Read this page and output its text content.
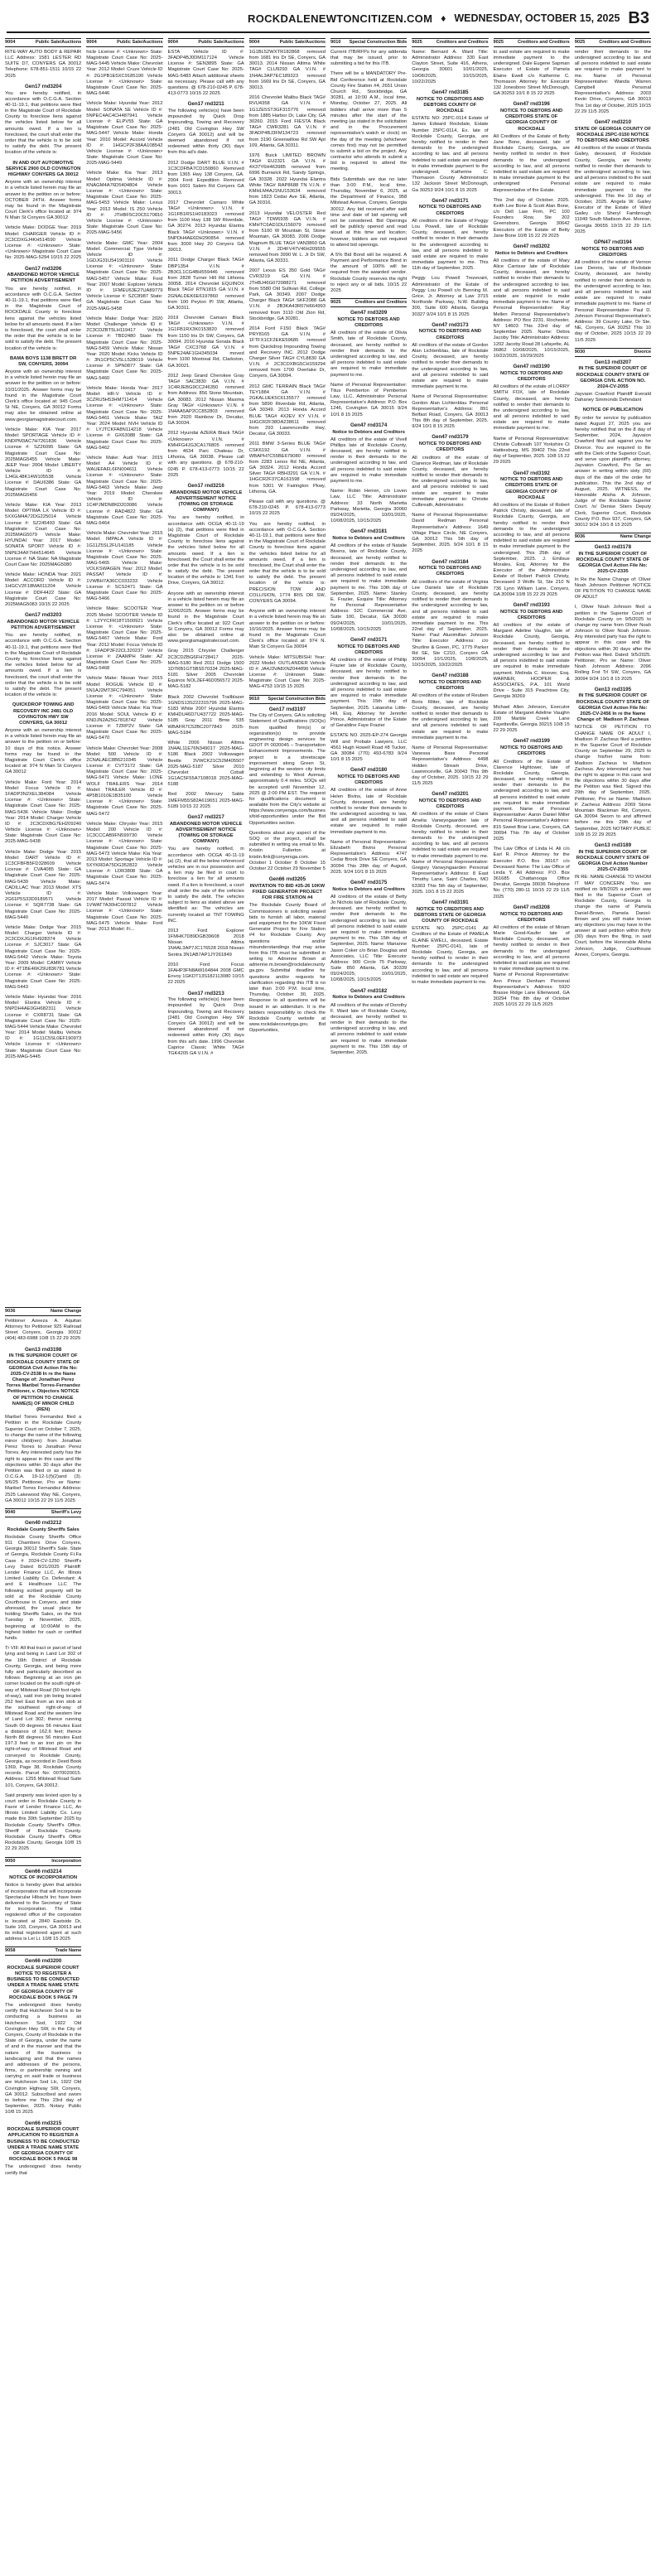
ROCKDALENEWTONCITIZEN.COM ♦ WEDNESDAY, OCTOBER 15, 2025 B3
9004	Public Sale/Auctions

RITE-WAY AUTO BODY & REPAIR LLC Address: 1581 LESTER RD SUITE D7, CONYERS GA 30012 Telephone: 678-851-1511 10/15 22 2025

Gen17 rnd3204

You are hereby notified, in accordance with O.C.G.A. Section 40-11-19.1, that petitions were filed in the Magistrate Court of Rockdale County to foreclose liens against the vehicles listed below for all amounts owed. If a lien is foreclosed, the court shall enter the order that the vehicle is to be sold to satisfy the debt. The present location of the vehicle is:

IN AND OUT AUTOMOTIVE SERVICE 2900 OLD COVINGTON HIGHWAY CONYERS GA 30012

Anyone with an ownership interest in a vehicle listed herein may file an answer to the petition on or before: OCTOBER 24TH. Answer forms may be found in the Magistrate Court Clerk's office located at: 974 N Main St Conyers GA 30012

Vehicle Make: DODGE Year: 2019 Model: CHARGER Vehicle ID #: 2C3CDXGJ4KH514590 Vehicle License #: <Unknown> State: <Unknown> Magistrate Court Case No: 2025-MAG-5294 10/15 22 2025

Gen17 rnd3206
ABANDONED MOTOR VEHICLE PETITION ADVERTISEMENT

You are hereby notified, in accordance with O.C.G.A. Section 40-11-19.1, that petitions were filed in the Magistrate Court of ROCKDALE County to foreclose liens against the vehicles listed below for all amounts owed. If a lien is foreclosed, the court shall enter the order that the vehicle is to be sold to satisfy the debt. The present location of the vehicle is:

BAMA BOYS 1138 BRETT DR SW, CONYERS, 30094

Anyone with an ownership interest in a vehicle listed herein may file an answer to the petition on or before: 10/31/2025. Answer forms may be found in the Magistrate Court Clerk's office located at: 945 Court St NE, Conyers, GA 30012 Forms may also be obtained online at www.georgiamagistratecourt.com.

Vehicle Make: KIA Year: 2017 Model: SPORTAGE Vehicle ID #: KNDPM3AC7H7261836 Vehicle License #: SZ26095 State: GA Magistrate Court Case No: 2025MAG5455 Vehicle Make: JEEP Year: 2004 Model: LIBERTY Vehicle ID #: 1J4GL48K14W105538 Vehicle License #: DAU6386 State: GA Magistrate Court Case No: 2025MAG5456

Vehicle Make: KIA Year: 2013 Model: OPTIMA LX Vehicle ID #: 5XXGM4A72DG225014 Vehicle License #: SZ245493 State: GA Magistrate Court Case No: 2025MAG5079 Vehicle Make: HYUNDAI Year: 2017 Model: SONATA SPORT Vehicle ID #: 5NPE34AF7HH514645 Vehicle License #: NA State: NA Magistrate Court Case No: 2025MAG5080

Vehicle Make: HONDA Year: 2021 Model: ACCORD Vehicle ID #: 1HGCV2F18MA011204 Vehicle License #: DDF4422 State: GA Magistrate Court Case No: 2025MAG5083 10/15 22 2025

Gen17 rnd3203
ABANDONED MOTOR VEHICLE PETITION ADVERTISEMENT

You are hereby notified, in accordance with O.C.G.A. Section 40-11-19.1, that petitions were filed in the Magistrate Court of Rockdale County to foreclose liens against the vehicles listed below for all amounts owed. If a lien is foreclosed, the court shall enter the order that the vehicle is to be sold to satisfy the debt. The present location of the vehicle is:

QUICKDROP TOWING AND RECOVERY INC 2481 OLD COVINGTON HWY SW CONYERS, GA 30012

Anyone with an ownership interest in a vehicle listed herein may file an answer to the petition on or before: 10 days of this notice. Answer forms may be found in the Magistrate Court Clerk's office located at: 974 N Main St Conyers GA 30012

Vehicle Make: Ford Year: 2014 Model: Focus Vehicle ID #: 1FADP3N2XEL384084 Vehicle License #: <Unknown> State: Magistrate Court Case No: 2025-MAG-5436 Vehicle Make: Dodge Year: 2014 Model: Charger Vehicle ID #: 2C3CDXBG7EH209240 Vehicle License #: <Unknown> State: Magistrate Court Case No: 2025-MAG-5438

Vehicle Make: Dodge Year: 2015 Model: DART Vehicle ID #: 1C3CFBFB5FD328609 Vehicle License #: CVA4085 State: GA Magistrate Court Case No: 2025-MAG-5439 Vehicle Make: CADILLAC Year: 2013 Model: XTS Vehicle ID #: 2G61P5S33D9189571 Vehicle License #: SQR7738 State: GA Magistrate Court Case No: 2025-MAG-5440

Vehicle Make: Dodge Year: 2015 Model: Charger Vehicle ID #: 2C3CDXJG1FH928374 Vehicle License #: SJC3017 State: GA Magistrate Court Case No: 2025-MAG-5442 Vehicle Make: Toyota Year: 2009 Model: CAMRY Vehicle ID #: 4T1BE46K29U836781 Vehicle License #: <Unknown> State: Magistrate Court Case No: 2025-MAG-5443

Vehicle Make: Hyundai Year: 2016 Model: Elantra Vehicle ID #: 5NPDH4AE0GH682311 Vehicle License #: CXR8731 State: GA Magistrate Court Case No: 2025-MAG-5444 Vehicle Make: Chevrolet Year: 2014 Model: Malibu Vehicle ID #: 1G11C5SL0EF190973 Vehicle License #: <Unknown> State: Magistrate Court Case No: 2025-MAG-5445

9004	Public Sale/Auctions

hicle License #: <Unknown> State: Magistrate Court Case No: 2025-MAG-5445 Vehicle Make: Chevrolet Year: 2012 Model: Cruze Vehicle ID #: 2G1PB1E5XC9185190 Vehicle License #: <Unknown> State: Magistrate Court Case No: 2025-MAG-5446

Vehicle Make: Hyundai Year: 2012 Model: SONATA SE Vehicle ID #: 5NPEC4AC4CH487941 Vehicle License #: ELPV55 State: GA Magistrate Court Case No: 2025-MAG-5447 Vehicle Make: Honda Year: 2010 Model: Accord Vehicle ID #: 1HGCP2F38AA108542 Vehicle License #: <Unknown> State: Magistrate Court Case No: 2025-MAG-5449

Vehicle Make: Kia Year: 2013 Model: Optima Vehicle ID #: KNAGM4A76D5404804 Vehicle License #: <Unknown> State: Magistrate Court Case No: 2025-MAG-5453 Vehicle Make: Lexus Year: 2012 Model: IS 250 Vehicle ID #: JTHBF5C20C5170810 Vehicle License #: <Unknown> State: Magistrate Court Case No: 2025-MAG-5456

Vehicle Make: GMC Year: 2004 Model: Commercial Type Vehicle Vehicle ID #: 1GDJG31U541901110 Vehicle License #: <Unknown> State: Magistrate Court Case No: 2025-MAG-5457 Vehicle Make: Ford Year: 2007 Model: Explorer Vehicle ID #: 1FMEU63E27UA89779 Vehicle License #: SZC8987 State: GA Magistrate Court Case No: 2025-MAG-5458

Vehicle Make: Dodge Year: 2020 Model: Challenger Vehicle ID #: 2C3CDZBT5LH119417 Vehicle License #: TBD2480 State: TN Magistrate Court Case No: 2025-MAG-5459 Vehicle Make: Nissan Year: 2020 Model: Kicks Vehicle ID #: 3N1CP5CV5LL528019 Vehicle License #: SPN0877 State: GA Magistrate Court Case No: 2025-MAG-5460

Vehicle Make: Honda Year: 2017 Model: HR-V Vehicle ID #: 3CZRU5H53HM711414 Vehicle License #: <Unknown> State: Magistrate Court Case No: 2025-MAG-5461 Vehicle Make: TAIZ Year: 2024 Model: NVH Vehicle ID #: LYJTCKFA8N114218 Vehicle License #: GX63088 State: GA Magistrate Court Case No: 2025-MAG-5462

Vehicle Make: Audi Year: 2015 Model: A4 Vehicle ID #: WAUEFAFL6FN004611 Vehicle License #: <Unknown> State: Magistrate Court Case No: 2025-MAG-5463 Vehicle Make: Jeep Year: 2019 Model: Cherokee Vehicle ID #: 1C4PJMDN8KD203086 Vehicle License #: RAD4822 State: GA Magistrate Court Case No: 2025-MAG-5464

Vehicle Make: Chevrolet Year: 2015 Model: IMPALA Vehicle ID #: 1G11Z5SL2FU141185 Vehicle License #: <Unknown> State: Magistrate Court Case No: 2025-MAG-5465 Vehicle Make: VOLKSWAGEN Year: 2012 Model: PASSAT Vehicle ID #: 1VWBH7A36CC033233 Vehicle License #: SCS2471 State: GA Magistrate Court Case No: 2025-MAG-5466

Vehicle Make: SCOOTER Year: 2025 Model: SCOOTER Vehicle ID #: L2YYCFR18T1500921 Vehicle License #: <Unknown> State: Magistrate Court Case No: 2025-MAG-5467 Vehicle Make: Ford Year: 2012 Model: Focus Vehicle ID #: 1FADP3F22CL320237 Vehicle License #: ZAAMPH State: AZ Magistrate Court Case No: 2025-MAG-5468

Vehicle Make: Nissan Year: 2015 Model: ROGUE Vehicle ID #: 5N1AJ2MT3FC794051 Vehicle License #: <Unknown> State: Magistrate Court Case No: 2025-MAG-5469 Vehicle Make: Kia Year: 2016 Model: SOUL Vehicle ID #: KNDJN2A25G7818742 Vehicle License #: TZRP2V State: GA Magistrate Court Case No: 2025-MAG-5470

Vehicle Make: Chevrolet Year: 2008 Model: 500 Vehicle ID #: 2CNALAEC8B6210345 Vehicle License #: CVT3172 State: GA Magistrate Court Case No: 2025-MAG-5471 Vehicle Make: LONE WOLF TRAILERS Year: 2014 Model: TRAILER Vehicle ID #: 4P5B1010E1B35100 Vehicle License #: <Unknown> State: Magistrate Court Case No: 2025-MAG-5472

Vehicle Make: Chrysler Year: 2015 Model: 200 Vehicle ID #: 1C3CCCAB9FN599730 Vehicle License #: <Unknown> State: Magistrate Court Case No: 2025-MAG-5473 Vehicle Make: Kia Year: 2013 Model: Sportage Vehicle ID #: 5XYKRDA75DG352822 Vehicle License #: LDR3808 State: GA Magistrate Court Case No: 2025-MAG-5474

Vehicle Make: Volkswagen Year: 2017 Model: Passat Vehicle ID #: 1VWAT7A30HC007812 Vehicle License #: <Unknown> State: Magistrate Court Case No: 2025-MAG-5475 Vehicle Make: Ford Year: 2013 Model: Fi...

9004	Public Sale/Auctions

ESTA Vehicle ID #: 3FADP4BJ0DM117124 Vehicle License #: SEN3895 State: GA Magistrate Court Case No: 2025-MAG-5483 Attach additional sheets as necessary. Please call with any questions. @ 678-210-0245 P. 678-413-0773 10/15 22 2025

Gen17 rnd3211

The following vehicle(s) have been impounded by Quick Drop Impounding, Towing and Recovery (2481 Old Covington Hwy SW Conyers GA 30012) and will be deemed abandoned if not redeemed within thirty (30) days from this ad's date.

2012 Dodge DART BLUE V.I.N. # 1C3CDFBA7CD150860 Removed from 1365 Hwy 138 Conyers, GA. 2004 Ford Expedition Removed from 1601 Salem Rd Conyers GA 30013.

2017 Chevrolet Camaro White TAG# <Unknown> V.I.N. # 1G1FB1RS1H0183023 removed from 1100 Hwy 138 SW Riverdale, GA 30274. 2013 Hyundai Elantra Black TAG# <Unknown> V.I.N. # 5NPDH4AE6DH290854 removed from 3000 Hwy 20 Conyers GA 30013.

2011 Dodge Charger Black TAG# DBP1354 V.I.N. # 2B3CL1CG4BH559446 removed from 2828 Turner Hill Rd Lithonia 30058. 2014 Chevrolet EQUINOX Black TAG# RTN1815 GA V.I.N. # 2GNALDEK6E6197860 removed from 100 Peyton Pl SW, Atlanta, GA 30311.

2019 Chevrolet Camaro Black TAG# <Unknown> V.I.N. # 1G1FB1RX3K0153820 removed from 1150 Iris Dr SW, Conyers, GA 30094. 2016 Hyundai Sonata Black TAG# CXC3768 GA V.I.N. # 5NPE24AF1GH345034 moved from 1100 Montreal Rd, Clarkston, GA 30021.

2012 Jeep Grand Cherokee Gray TAG# SAC3830 GA V.I.N. # 1C4RJEBG9CC246350 removed from Address: 856 Stone Mountain, GA 30083. 2012 Nissan Maxima Gray TAG# <Unknown> V.I.N. # 1N4AA5AP2CC852803 removed from 2920 Rainbow Dr, Decatur, GA 30034.

2012 Hyundai AZERA Black TAG# <Unknown> V.I.N. # KMHFG4JG3CA176805 removed from 4634 Parc Chateau Dr, Lithonia, GA 30038. Please call with any questions. @ 678-210-0245 P. 678-413-0773 10/15 22 2025

Gen17 rnd3216
ABANDONED MOTOR VEHICLE ADVERTISEMENT NOTICE (TOWING OR STORAGE COMPANY)

You are hereby notified, in accordance with OCGA 40-11-19 (a) (2), that petitions were filed in Magistrate Court of Rockdale County to foreclose liens against the vehicles listed below for all amounts owed. If a lien is foreclosed, the Court shall enter the order that the vehicle is to be sold to satisfy the debt. The present location of the vehicle is: 1341 Fort Drive, Conyers, GA 30012.

Anyone with an ownership interest in a vehicle listed herein may file an answer to the petition on or before 11/06/2025. Answer forms may be found in the Magistrate Court Clerk's office located at: 922 Court St Conyers, GA 30012 Forms may also be obtained online at www.georgiamagistratecourt.com.

Gray 2015 Chrysler Challenger 2C3CDZBG6FH728417 2025-MAG-5180 Red 2011 Dodge 1500 1D7RB1GT5BS570334 2025-MAG-5181 Silver 2005 Chevrolet Equinox NOL2EF46D056572 2025-MAG-5182

Black 2002 Chevrolet Trailblazer 1GNDS13S222315796 2025-MAG-5183 White 2007 Hyundai Elantra KMHDU46D7U437722 2025-MAG-5185 Gray 2011 Bmw 535 WBAFR7C52BC2077843 2025-MAG-5184

White 2006 Nissan Altima 1N4AL11E76N349017 2025-MAG-5186 Black 2002 Volkswagen Beetle 3VWCK21C52M405507 2025-MAG-5187 Silver 2010 Chevrolet Cobalt 1G1AC5F55A7108018 2025-MAG-5188

Red 2002 Mercury Sable 1MEFM55S82A619651 2025-MAG-5189 10/15 22 2025

Gen17 rnd3217
ABANDONED MOTOR VEHICLE ADVERTISEMENT NOTICE (TOWING OR STORAGE COMPANY)

You are hereby notified, in accordance with OCGA 40-11-19 (a) (2), that all the below referenced vehicles are in our possession and a lien may be filed in court to foreclose a lien for all amounts owed. If a lien is foreclosed, a court shall order the sale of the vehicles to satisfy the debt. The vehicles subject to liens as stated above are identified as: The vehicles are currently located at: TNT TOWING INC.

2013 Ford Explorer 1FMHK7D89DGB39608 2018 Nissan Altima 1N4AL3AP7JC176528 2018 Nissan Sentra 3N1AB7AP1JY261849

2010 Ford Focus 1FAHP3FN8AW164844 2008 GMC Envoy 1GKDT13S182113080 10/15 22 2025

Gen17 rnd3213

The following vehicle(s) have been impounded by Quick Drop Impounding, Towing and Recovery (2481 Old Covington Hwy SW Conyers GA 30012) and will be deemed abandoned if not redeemed within thirty (30) days from this ad's date. 1996 Chevrolet Caprice Classic White TAG# TGK4205 GA V.I.N. #

9004	Public Sale/Auctions

1G1BL52WXTR182868 removed from 1681 Iris Dr SE, Conyers, GA 30013. 2014 Nissan Altima White TAG# CLU9293 GA V.I.N. # 1N4AL3AP7EC189323 removed from 1669 Iris Dr SE, Conyers, GA 30013.

2016 Chevrolet Malibu Black TAG# RVU4358 GA V.I.N. # 1G1ZE5ST3GF315776 removed from 1885 Harbor Dr, Lake City, GA 30260. 2015 Ford FIESTA Black TAG# CWR3281 GA V.I.N. # 3FADP4BJ3FM134723 removed from 3190 Greenwillow Rd SW Apt 109, Atlanta, GA 30311.

1976 Buick LIMITED BROWN TAG# EU2321 GA V.I.N. # 4X37Y6H463985 removed from 6996 Burnwick Rd, Sandy Springs, GA 30328. 2022 Hyundai Elantra White TAG# RAP8688 TN V.I.N. # KMHLM4AJ1NU153634 removed from 1823 Cedar Ave SE, Atlanta, GA 30316.

2013 Hyundai VELOSTER Red TAG# TDW6935 GA V.I.N. # KMHTC6AD1DU156079 removed from 5100 W Mountain St, Stone Mountain, GA 30083. 2006 Dodge Magnum BLUE TAG# VAN3860 GA V.I.N. # 2D4FV47V46H209555 removed from 3990 W. L. Jr Dr SW, Atlanta, GA 30331.

2007 Lexus ES 350 Gold TAG# CVR3219 GA V.I.N. # JTHBJ46G072088271 removed from 5580 Old Sullivan Rd, College Park, GA 30349. 2007 Dodge Charger Black TAG# SKF2088 GA V.I.N. # 2B3KA43R07H664993 removed from 3110 Old Zion Rd, Stockbridge, GA 30281.

2014 Ford F150 Black TAG# PRY8165 GA V.I.N. # 1FTFX1CF2EKE59685 removed from Quickdrop Impounding Towing and Recovery INC. 2012 Dodge Charger Silver TAG# CYL8830 GA V.I.N. # 2C3CDXBG5CH159294 removed from 1700 Overlake Dr, Conyers, GA 30094.

2012 GMC TERRAIN Black TAG# TEY1884 GA V.I.N. # 2GKALUEK5C6135577 removed from 5890 Riverdale Rd, Atlanta, GA 30349. 2013 Honda Accord BLUE TAG# 4X2EV KY V.I.N. # 1HGCR2F38DA238611 removed from 293 Lawrenceville Hwy, Decatur, GA 30033.

2011 BMW 3-Series BLUE TAG# CSK6192 GA V.I.N. # WBAPH7C55BE679080 removed from 2283 Lenox Rd NE, Atlanta, GA 30324. 2012 Honda Accord Silver TAG# RBH3291 GA V.I.N. # 1HGCR2F37CA161598 removed from 5301 W Fairington Pkwy, Lithonia, GA.

Please call with any questions. @ 678-210-0245 P. 678-413-0773 10/15 22 2025

You are hereby notified, in accordance with O.C.G.A. Section 40-11-19.1, that petitions were filed in the Magistrate Court of Rockdale County to foreclose liens against the vehicles listed below for all amounts owed. If a lien is foreclosed, the Court shall enter the order that the vehicle is to be sold to satisfy the debt. The present location of the vehicle is: PRECISION TOW AND COLLISION, 1774 IRIS DR SW, CONYERS GA 30094.

Anyone with an ownership interest in a vehicle listed herein may file an answer to the petition on or before: 10/16/2025. Answer forms may be found in the Magistrate Court Clerk's office located at: 974 N. Main St Conyers Ga 30094

Vehicle Make: MITSUBISHI Year: 2022 Model: OUTLANDER Vehicle ID #: JA4J3VA8XNZ044896 Vehicle License #: Unknown State: Magistrate Court Case No: 2025-MAG-4753 10/15 15 2025

9010 Special Construction Bids
Gen17 rnd3197

The City of Conyers, GA is soliciting Statement of Qualifications (SOQs) from qualified firm(s) or organization(s) to provide engineering design services for GDOT PI 0020045 – Transportation Enhancement Improvements. The project is a streetscape improvement along Green St, beginning at the western city limits and extending to West Avenue, approximately 0.4 miles. SOQs will be accepted until November 12, 2025 @ 2:00 PM EST. The request for qualifications document is available from the City's website at https://www.conyersga.com/business/bid-opportunities under the Bid Opportunities section.

Questions about any aspect of the SOQ or the project, shall be submitted in writing via email to Ms. Kristin Fullerton at kristin.fink@conyersga.com. October 1 October 8 October 15 October 22 October 29 November 5

Gen66 rnd3205
INVITATION TO BID #25-26 10KW FIXED GENERATOR PROJECT FOR FIRE STATION #4

The Rockdale County Board of Commissioners is soliciting sealed bids to furnish all labor, material and equipment for the 10KW Fixed Generator Project for Fire Station #4 for Rockdale County. Any questions and/or misunderstandings that may arise from this ITB must be submitted in writing to Adrienne Brown at adrienne.m.brown@rockdalecountyga.gov. Submittal deadline for questions and/or requests for clarification regarding this ITB is no later than 3:00 P.M. local time, Thursday, October 30, 2025. Response to all questions will be issued in an addendum. It is the bidders responsibility to check the Rockdale County website at www.rockdalecountyga.gov, Bid Opportunities,

9010 Special Construction Bids

Current ITB/RFPs for any addenda that may be issued, prior to submitting a bid for this ITB.

There will be a MANDATORY Pre-Bid Conference held at Rockdale County Fire Station #4, 2651 Union Church Rd., Stockbridge, GA 30281, at 10:00 A.M., local time, Monday, October 27, 2025. All bidders shall arrive more than 5 minutes after the start of the meeting (as stated in the solicitation and in the Procurement representative's watch or clock) on the day of the meeting (whichever comes first) may not be permitted to submit a bid on the project. Any contractor who attends to submit a bid is required to attend the meeting.

Bids Submittals are due no later than 3:00 P.M., local time, Thursday, November 6, 2025, at the Department of Finance, 958 Milstead Avenue, Conyers, Georgia 30012. Any bid received after said time and date of bid opening will not be considered. Bid Openings will be publicly opened and read aloud at this time and location; however, bidders are not required to attend bid openings.

A 5% Bid Bond will be required. A Payment and Performance Bond in the amount of 100% will be required from the awarded vendor. Rockdale County reserves the right to reject any or all bids. 10/15 22 2025

9025	Creditors and Creditors
Gen47 rnd3209
NOTICE TO DEBTORS AND CREDITORS

All creditors of the estate of Olivia Smith, late of Rockdale County, deceased, are hereby notified to render their demands to the undersigned according to law, and all persons indebted to said estate are required to make immediate payment to me.

Name of Personal Representative: Titus Pemberton of Pemberton Law, LLC, Administrator Personal Representative's Address: P.O. Box 1246, Covington GA 30015 9/24 10/1 8 15 2025

Gen47 rnd3174
Notice to Debtors and Creditors

All creditors of the estate of Vivell Phillips late of Rockdale County, deceased, are hereby notified to render in their demands to the undersigned according to law, and all persons indebted to said estate are required to make immediate payment to me.

Name: Robin Herren, c/o Loven Law, LLC Title: Administrator Address: 33 North Marietta Parkway, Marietta, Georgia 30060 09/24/2025, 10/01/2025, 10/08/2025, 10/15/2025

Gen47 rnd3181
Notice to Debtors and Creditors

All creditors of the estate of Natalie Bivens, late of Rockdale County, deceased, are hereby notified to render their demands to the undersigned according to law, and all persons indebted to said estate are required to make immediate payment to me. This 10th day of September, 2025. Name: Stanley E. Frazier, Esquire Title: Attorney for Personal Representative Address: 52C Commercial Ave, Suite 100, Decatur, GA 30030 09/24/2025, 10/01/2025, 10/08/2025, 10/15/2025

Gen47 rnd3171
NOTICE TO DEBTORS AND CREDITORS

All creditors of the estate of Phillip Frazier late of Rockdale County, deceased, are hereby notified to render their demands to the undersigned according to law, and all persons indebted to said estate are required to make immediate payment. This 15th day of September, 2025. Lataesha Little-Hill, Esq. Attorney for Jennifer Prince, Administrator of the Estate of Geraldine Faye Frazier

ESTATE NO. 2025-EP-274 Georgia Will and Probate Lawyers, LLC 4561 Hugh Howell Road #8 Tucker, GA 30084 (770) 493-6783 9/24 10/1 8 15 2025

Gen47 rnd3180
NOTICE TO DEBTORS AND CREDITORS

All creditors of the estate of Anne Helen Bivins, late of Rockdale County, deceased, are hereby notified to render their demands to the undersigned according to law, and all persons indebted to said estate are required to make immediate payment to me.

Name of Personal Representative: Elizabeth Bivins Personal Representative's Address: 4747 Cedar Brook Drive SE Conyers, GA 30094 This 28th day of August, 2025. 9/24 10/1 8 15 2025

Gen47 rnd3175
Notice to Debtors and Creditors

All creditors of the estate of Betty Jo Nichols late of Rockdale County, deceased, are hereby notified to render their demands to the undersigned according to law, and all persons indebted to said estate are required to make immediate payment to me. This 15th day of September, 2025. Name: Marianne Jason Coker c/o Brian Douglas and Associates, LLC Title: Executor Address: 900 Circle 75 Parkway, Suite 850 Atlanta, GA 30339 09/24/2025, 10/01/2025, 10/08/2025, 10/15/2025

Gen47 rnd3182
Notice to Debtors and Creditors

All creditors of the estate of Dorothy F. Ward late of Rockdale County, deceased, are hereby notified to render in their demands to the undersigned according to law, and all persons indebted to said estate are required to make immediate payment to me. This 15th day of September, 2025.

9025	Creditors and Creditors

Name: Bernard A. Ward Title: Administrator Address: 330 East Clayton Street, Suite 416, Athens, Georgia 30601 10/01/2025, 10/08/2025, 10/15/2025, 10/22/2025

Gen47 rnd3185
NOTICE TO CREDITORS AND DEBTORS COUNTY OF ROCKDALE

ESTATE NO: 25PC-0114 Estate of James Edward Rockdale, Estate Number 25PC-0114, Ex. late of Rockdale County, Georgia, are hereby notified to render in their demands to the undersigned according to law, and all persons indebted to said estate are required to make immediate payment to the undersigned. Katherine C. Thomason County Administrator 132 Jackson Street McDonough, Ga 30253 9/24 10/1 8 15 2025

Gen47 rnd3171
NOTICE TO DEBTORS AND CREDITORS

All creditors of the Estate of Peggy Lou Powell, late of Rockdale County, deceased, are hereby notified to render in their demands to the undersigned according to law, and all persons indebted to said estate are required to make immediate payment to me. This 11th day of September, 2025.

Peggy Lou Powell Trezevant, Administrator of the Estate of Peggy Lou Powell c/o Benning M. Grice, Jr. Attorney at Law 3715 Northside Parkway, N.W. Building 300, Suite 600 Atlanta, Georgia 30327 9/24 10/1 8 15 2025

Gen47 rnd3173
NOTICE TO DEBTORS AND CREDITORS

All creditors of the estate of Gordon Alan Lichtenblau, late of Rockdale County, deceased, are hereby notified to render their demands to the undersigned according to law, and all persons indebted to said estate are required to make immediate payment to me.

Name of Personal Representative: Gordon Alan Lichtenblau Personal Representative's Address: 891 Belfast Road, Conyers, GA 30013 This 8th day of September, 2025. 9/24 10/1 8 15 2025

Gen47 rnd3179
NOTICE TO DEBTORS AND CREDITORS

All creditors of the estate of Clarence Redman, late of Rockdale County, deceased, are hereby notified to render their demands to the undersigned according to law, and all persons indebted to said estate are required to make immediate payment to: Christie Culbreath, Administrator.

Name of Personal Representative: David Redman Personal Representative's Address: 1649 Village Place Circle, NE Conyers, GA 30012 This 5th day of September, 2025. 9/24 10/1 8 15 2025

Gen47 rnd3184
NOTICE TO DEBTORS AND CREDITORS

All creditors of the estate of Virginia Lee Daniels late of Rockdale County, deceased, are hereby notified to render their demands to the undersigned according to law, and all persons indebted to said estate are required to make immediate payment to me. This 22nd day of September, 2025. Name: Paul Aluoimillan Johnson Title: Executor Address: c/o Shurline & Green, PC, 1775 Parker Rd SE, Ste C210, Conyers GA 30094 10/1/2025, 10/8/2025, 10/15/2025, 10/22/2025

Gen47 rnd3188
NOTICE TO DEBTORS AND CREDITORS

All creditors of the estate of Reuben Boris Ritter, late of Rockdale County, deceased, are hereby notified to render their demands to the undersigned according to law, and all persons indebted to said estate are required to make immediate payment to me.

Name of Personal Representative: Vanessa Bass Personal Representative's Address: 4498 Hidden Stream Drive, Lawrenceville, GA 30043 This 9th day of October, 2025. 10/15 22 29 11/5 2025

Gen47 rnd3201
NOTICE TO DEBTORS AND CREDITORS

All creditors of the estate of Claire Amelia Vanwyngaarden late of Rockdale County, deceased, are hereby notified to render in their demands to the undersigned according to law, and all persons indebted to said estate are required to make immediate payment to me. Name of Personal Representative: Gregory Vanwyngaarden Personal Representative's Address: 8 East Timothy Lane, Saint Charles, MO 63303 This 5th day of September, 2025. 10/1 8 15 22 2025

Gen47 rnd3191
NOTICE TO CREDITORS AND DEBTORS STATE OF GEORGIA COUNTY OF ROCKDALE

ESTATE NO. 25PC-0141 All Creditors of the Estate of PAMELA ELAINE EWELL, deceased, Estate Number: 25PC-0141, late of Rockdale County, Georgia, are hereby notified to render in their demands to the undersigned according to law, and all persons indebted to said estate are required to make immediate payment to me.

9025	Creditors and Creditors

to said estate are required to make immediate payment to the undersigned. Dale Eugene Sapman Executor of Estate of Pamela Elaine Ewell c/o Katherine C. Thomason Attorney for Executor 132 Jonesboro Street McDonough, GA 30253 10/1 8 15 22 2025

Gen47 rnd3196
NOTICE TO DEBTORS AND CREDITORS STATE OF GEORGIA COUNTY OF ROCKDALE

All Creditors of the Estate of Betty Jane Bone, deceased, late of Rockdale County, Georgia, are hereby notified to render in their demands to the undersigned according to law, and all persons indebted to said estate are required to make immediate payment to the undersigned Personal Representative of the Estate.

This 2nd day of October, 2025. Keith Lee Bone & Scott Alan Bone, c/o Dell Law Firm, PC 100 Founders Row, Ste 202 Greensboro, Georgia 30642 Executors of the Estate of Betty Jane Bone 10/8 15 22 29 2025

Gen47 rnd3202
Notice to Debtors and Creditors

All creditors of the estate of Mary Alice Carrisse late of Rockdale County, deceased, are hereby notified to render their demands to the undersigned according to law, and all persons indebted to said estate are required to make immediate payment to me. Name of Personal Representative: Ray Mellen Personal Representative's Address: PO Box 2231, Rochester, NY 14603 This 23rd day of September 2025. Name: Debra Jacoby Title: Administrator Address: 1202 Jacoby Road 28 Lafayette, AL 36862 10/08/2025, 10/15/2025, 10/22/2025, 10/29/2025

Gen47 rnd3190
NOTICE TO DEBTORS AND CREDITORS

All creditors of the estate of LORRY SMITH FOX, late of Rockdale County, deceased, are hereby notified to render their demands to the undersigned according to law, and all persons indebted to said estate are required to make immediate payment to me.

Name of Personal Representative: Christie Culbreath 107 Yorkshire Ct Hattiesburg, MS 39402 This 22nd day of September, 2025. 10/8 15 22 29 2025

Gen47 rnd3192
NOTICE TO DEBTORS AND CREDITORS STATE OF GEORGIA COUNTY OF ROCKDALE

All creditors of the Estate of Robert Patrick Christy, deceased, late of Rockdale County, Georgia, are hereby notified to render their demands to the undersigned according to law, and all persons indebted to said estate are required to make immediate payment to the undersigned. This 25th day of September, 2025. J. Emilsue Morales, Esq. Attorney for the Executor of the Administrator Estate of Robert Patrick Christy, Deceased 3 Wolfe St, Ste 210 N 736 Lynn William Lane, Conyers, GA 30094 10/8 15 22 29 2025

Gen47 rnd3193
NOTICE TO DEBTORS AND CREDITORS

All creditors of the estate of Margaret Adeline Vaughn, late of Rockdale County, Georgia, deceased, are hereby notified to render their demands to the undersigned according to law and all persons indebted to said estate are required to make immediate payment. Melinda C. Hoover, Esq. WARNER, HOOPER & ASSOCIATES, P.A. 101 World Drive - Suite 315 Peachtree City, Georgia 30269

Michael Allen Johnson, Executor Estate of Margaret Adeline Vaughn 200 Marble Creek Lane Fayetteville, Georgia 30215 10/8 15 22 29 2025

Gen47 rnd3199
NOTICE TO DEBTORS AND CREDITORS

All Creditors of the Estate of Clarence Hightower, late of Rockdale County, Georgia, deceased, are hereby notified to render their demands to the undersigned according to law, and all persons indebted to said estate are required to make immediate payment. Name of Personal Representative: Aaron Daniel Miller Personal Representative's Address: 815 Sweet Briar Lane, Conyers, GA 30094 This 7th day of October 2025

The Law Office of Linda H. Ali c/o Earl R. Prince Attorney for the Executor P.O. Box 30167 c/o Deceased Name: The Law Office of Linda Y. Ali Address: P.O. Box 361685 Chattanooga Office Decatur, Georgia 30036 Telephone No: (770) 280-11 10/15 22 29 11/5 2025

Gen47 rnd3208
NOTICE TO DEBTORS AND CREDITORS

All creditors of the estate of Miriam Marie Good-Kaufer late of Rockdale County, deceased, are hereby notified to render in their demands to the undersigned according to law, and all persons indebted to said estate are required to make immediate payment to me. Name of Personal Representative: Ann Prince Denham Personal Representative's Address: 5920 Brasse Ridge Lane Ellenwood, GA 30294 This 8th day of October 2025 10/15 22 29 11/5 2025

9025	Creditors and Creditors

render their demands to the undersigned according to law and all persons indebted to said estate are required to make payment to me. Name of Personal Representative: Wanda Warren Campbell Personal Representative's Address: 2003 Kevin Drive, Conyers, GA 30013 This 1st day of October, 2025 10/15 22 29 11/5 2025

Gen47 rnd3210
STATE OF GEORGIA COUNTY OF ROCKDALE 25PC-0150 NOTICE TO DEBTORS AND CREDITORS

All creditors of the estate of Wanda Gailey, deceased, of Rockdale County, Georgia, are hereby notified to render their demands to the undersigned according to law, and all persons indebted to the said estate are required to make immediate payment to the undersigned. This the 10 day of October, 2025. Angela W. Gailey Executor of the Estate of Ward Gailey c/o Sheryl Fambrough 11049 South Madison Ave. Monroe, Georgia 30655 10/15 22 29 11/5 2025

GPN47 rnd3194
NOTICE TO DEBTORS AND CREDITORS

All creditors of the estate of Vernon Lee Dennis, late of Rockdale County, deceased, are hereby notified to render their demands to the undersigned according to law, and all persons indebted to said estate are required to make immediate payment to me. Name of Personal Representative: Paul D. Johnson Personal Representative's Address: 39 Country Lake, Dr Ste. NE, Conyers, GA 30252 This 10 day of October, 2025 10/15 22 29 11/5 2025

9030	Divorce
Gen13 rnd3207
IN THE SUPERIOR COURT OF ROCKDALE COUNTY STATE OF GEORGIA CIVIL ACTION NO. 2024-CV-2055

Jayvaon Crawford Plaintiff Everald Dahaney Simmonds Defendant

NOTICE OF PUBLICATION

By order for service by publication dated August 27, 2025 you are hereby notified that on the 8 day of September, 2024, Jayvaion Crawford filed suit against you for Divorce. You are required to file with the Clerk of the Superior Court, and serve upon plaintiff's attorney, Jayvaion Crawford, Pro Se an answer in writing within sixty (60) days of the date of the order for publication. This the 2nd day of August, 2025. WITNESS, the Honorable Alisha A. Johnson, Judge of the Rockdale Superior Court. /s/ Denise Stiers Deputy Clerk, Superior Court, Rockdale County P.O. Box 937, Conyers, GA 30012 9/24 10/1 8 15 2025

9036	Name Change
Gen13 rnd3178
IN THE SUPERIOR COURT OF ROCKDALE COUNTY STATE OF GEORGIA Civil Action File No: 2025-CV-2335

In Re the Name Change of: Oliver Noah Johnson Petitioner NOTICE OF PETITION TO CHANGE NAME OF ADULT

I, Oliver Noah Johnson filed a petition in the Superior Court of Rockdale County on 9/5/2025 to change my name from Oliver Noah Johnson to Oliver Noah Johnson. Any interested party has the right to appear in this case and file objections within 30 days after the Petition was filed. Dated: 9/5/2025. Petitioner, Pro se Name: Oliver Noah Johnson Address: 2096 Rolling Frst Trl SW, Conyers, GA 30094 9/24 10/1 8 15 2025

Gen13 rnd3195
IN THE SUPERIOR COURT OF ROCKDALE COUNTY STATE OF GEORGIA Civil Action File No: 2025-CV-2456 In re the Name Change of: Madison P. Zacheus

NOTICE OF PETITION TO CHANGE NAME OF ADULT I, Madison P. Zacheus filed a petition in the Superior Court of Rockdale County on September 29, 2025 to change his/her name from: Madison Zacheus to Madison Zacheus. Any interested party has the right to appear in this case and file objections within 30 days after the Petition was filed. Signed this 29th day of September, 2025. Petitioner, Pro se Name: Madison P. Zacheus Address: 2069 Stone Mountain Blackman Rd, Conyers, GA 30094 Sworn to and affirmed before me this 29th day of September, 2025 NOTARY PUBLIC 10/8 15 22 29 2025

Gen13 rnd3189
IN THE SUPERIOR COURT OF ROCKDALE COUNTY STATE OF GEORGIA Civil Action Number 2025-CV-2355

IN RE: NAME CHANGE TO WHOM IT MAY CONCERN: You are notified on 9/8/2025 a petition was filed in the Superior Court of Rockdale County, Georgia to change the name of Pamela Daniel-Brown, Pamela Daniel-Brown and you will make known any objections you may have to the answer at said petition within thirty (30) days from the filing, in said Court, before the Honorable Alisha Johnson, Judge, Courthouse Annex, Conyers, Georgia.

9036	Name Change

Petitioner Azeeza A. Aquitan Attorney for Petitioner 925 Railroad Street Conyers, Georgia 30012 (404) 483-6988 10/8 15 22 29 2025

Gen13 rnd3198
IN THE SUPERIOR COURT OF ROCKDALE COUNTY STATE OF GEORGIA Civil Action File No: 2025-CV-2538 In re the Name Change of: Jonathan Perez Torres Maribel Torres-Fernandez Petitioner, v. Objectors NOTICE OF PETITION TO CHANGE NAME(S) OF MINOR CHILD (REN)

Maribel Torres Fernandez filed a Petition in the Rockdale County Superior Court on October 7, 2025, to change the name of the following minor child(ren): from Jonathan Perez Torres to Jonathan Perez Torres. Any interested party has the right to appear in this case and file objections within 30 days after the Petition was filed or as stated in O.C.G.A. 19-12-1(f)(2)and (3). 9/6/25 Petitioner, Pro se Name: Maribel Torres Fernandez Address: 2525 Lakewood Way NE, Conyers, GA 30012 10/15 22 29 11/5 2025

9040	Sheriff's Levy
Gen40 rnd3212
Rockdale County Sheriffs Sales

Rockdale County Sheriffs Office 911 Chambers Drive Conyers, Georgia 30012 Sheriff's Sale. State of Georgia, Rockdale County Fi.Fa Case # 2024-CV-1250 Sheriff's Levy Dated 8/21/2025 Plaintiff: Lender Finance LLC, An Illinois Limited Liability Co. Defendant: A and E Healthcare LLC The following scribed property will be sold at the Rockdale County Courthouse in Conyers, and state aforesaid, the usual place for holding Sheriffs Sales, on the first Tuesday in November, 2025, beginning at 10:00AM to the highest bidder for cash or certified funds.

Tr VIII: All that tract or parcel of land lying and being in Land Lot 302 of the 16th District of Rockdale County, Georgia, and being more fully and particularly described as follows: Beginning at an iron pin corner located on the south right-of-way of Milstead Road (50 foot right-of-way), said iron pin being located 252 feet East from an iron stob at the southwest right-of-way of Milstead Road and the western line of Land Lot 302; thence running South 00 degrees 56 minutes East a distance of 162.6 feet; thence North 88 degrees 56 minutes East 197.3 feet to an iron pin on the right-of-way of Milstead Road and conveyed to Rockdale County, Georgia, as recorded in Deed Book 1369, Page 38, Rockdale County records. Parcel No: 0070020015. Address: 1255 Milstead Road Suite 101, Conyers, GA 30012.

Said property was levied upon by a court order in Rockdale County in Favor of Lender Finance LLC, An Illinois Limited Liability Co. Levy made this 30th September 2025 by Rockdale County Sheriff's Office. Sheriff of Rockdale County. Rockdale County Sheriff's Office Rockdale County, Georgia 10/8 15 22 29 2025

9050	Incorporation
Gen66 rnd3214
NOTICE OF INCORPORATION

Notice is hereby given that articles of incorporation that will incorporate Spectacular Hibachi Inc have been delivered to the Secretary of State for incorporation. The initial registered office of the corporation is located at 2840 Eastside Dr, Suite 103, Conyers, GA 30013 and its initial registered agent at such address is Lei Li. 10/8 15 2025

9058	Trade Name
Gen66 rnd3200
ROCKDALE SUPERIOR COURT NOTICE TO REGISTER A BUSINESS TO BE CONDUCTED UNDER A TRADE NAME STATE OF GEORGIA COUNTY OF ROCKDALE BOOK 5 PAGE 79

The undersigned does hereby certify that Hutcheson Sod is to be conducting a business as Hutcheson Sod, 1922 Old Covington Hwy SW, in the City of Conyers, County of Rockdale in the State of Georgia, under the name of and in the manner and that the nature of the business is landscaping and that the names and addresses of the persons, firms, or partnership owning and carrying on said trade or business are Hutcheson Sod Llc, 1922 Old Covington Highway SW, Conyers, GA 30012. Subscribed and sworn to before me This 23rd day of September, 2025. Notary Public 10/8 15 2025

Gen66 rnd3215
ROCKDALE SUPERIOR COURT APPLICATION TO REGISTER A BUSINESS TO BE CONDUCTED UNDER A TRADE NAME STATE OF GEORGIA COUNTY OF ROCKDALE BOOK 5 PAGE 98

The undersigned does hereby certify that
